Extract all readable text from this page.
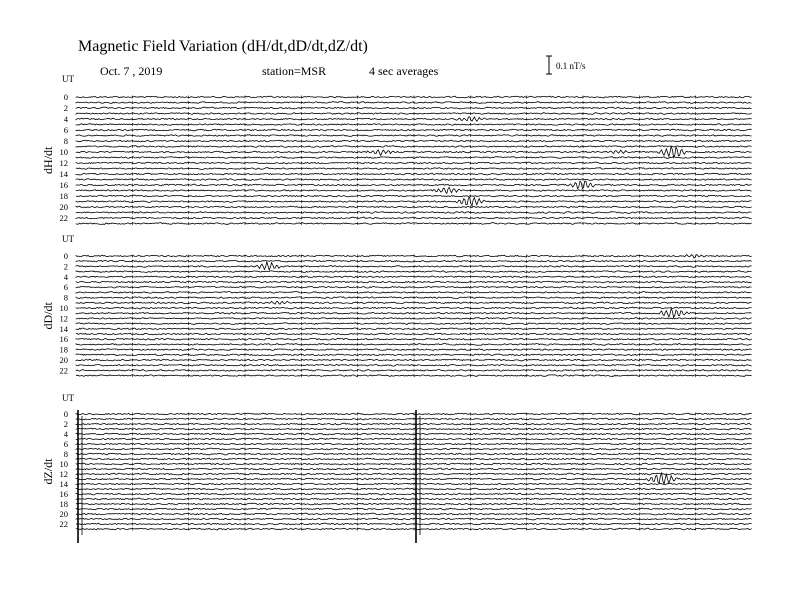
Magnetic Field Variation (dH/dt,dD/dt,dZ/dt)
Oct. 7 , 2019	station=MSR	4 sec averages	0.1 nT/s
UT
dH/dt
0
2
4
6
8
10
12
14
16
18
20
22
UT
dD/dt
0
2
4
6
8
10
12
14
16
18
20
22
UT
dZ/dt
0
2
4
6
8
10
12
14
16
18
20
22
